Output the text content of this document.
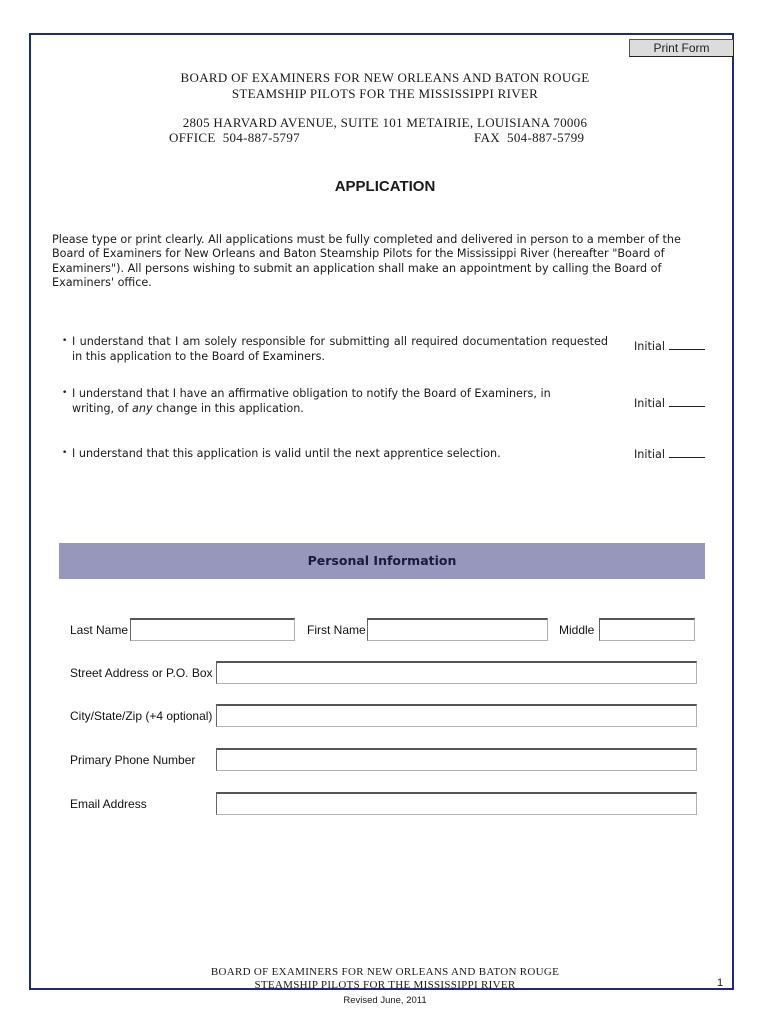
Print Form
BOARD OF EXAMINERS FOR NEW ORLEANS AND BATON ROUGE
STEAMSHIP PILOTS FOR THE MISSISSIPPI RIVER
2805 HARVARD AVENUE, SUITE 101 METAIRIE, LOUISIANA 70006
OFFICE  504-887-5797	FAX  504-887-5799
APPLICATION
Please type or print clearly. All applications must be fully completed and delivered in person to a member of the Board of Examiners for New Orleans and Baton Steamship Pilots for the Mississippi River (hereafter "Board of Examiners"). All persons wishing to submit an application shall make an appointment by calling the Board of Examiners' office.
• I understand that I am solely responsible for submitting all required documentation requested in this application to the Board of Examiners.
Initial
• I understand that I have an affirmative obligation to notify the Board of Examiners, in writing, of any change in this application.	Initial
• I understand that this application is valid until the next apprentice selection.	Initial
Personal Information
Last Name	First Name	Middle
Street Address or P.O. Box
City/State/Zip (+4 optional)
Primary Phone Number
Email Address
BOARD OF EXAMINERS FOR NEW ORLEANS AND BATON ROUGE
STEAMSHIP PILOTS FOR THE MISSISSIPPI RIVER	1
Revised June, 2011
